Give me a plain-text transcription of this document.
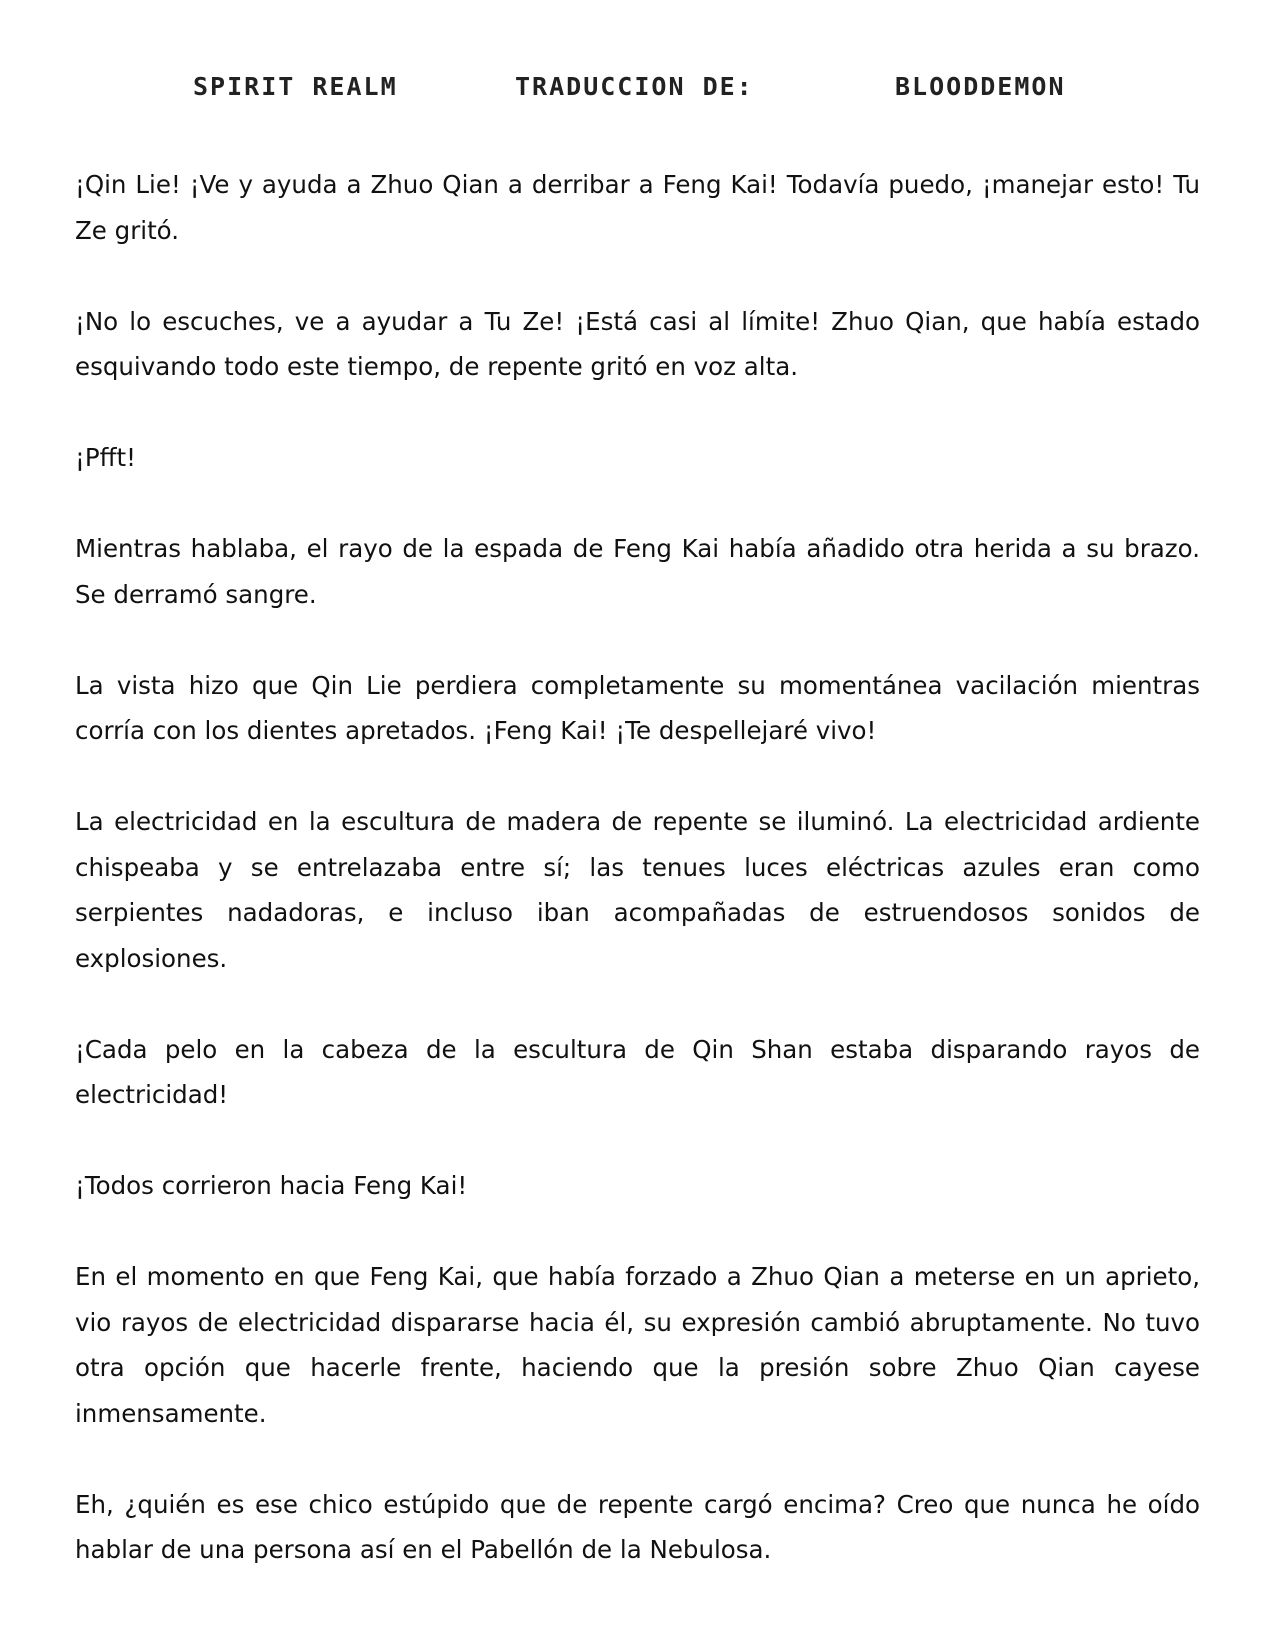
SPIRIT REALM	TRADUCCION DE:	BLOODDEMON

¡Qin Lie! ¡Ve y ayuda a Zhuo Qian a derribar a Feng Kai! Todavía puedo, ¡manejar esto! Tu Ze gritó.

¡No lo escuches, ve a ayudar a Tu Ze! ¡Está casi al límite! Zhuo Qian, que había estado esquivando todo este tiempo, de repente gritó en voz alta.

¡Pfft!

Mientras hablaba, el rayo de la espada de Feng Kai había añadido otra herida a su brazo. Se derramó sangre.

La vista hizo que Qin Lie perdiera completamente su momentánea vacilación mientras corría con los dientes apretados. ¡Feng Kai! ¡Te despellejaré vivo!

La electricidad en la escultura de madera de repente se iluminó. La electricidad ardiente chispeaba y se entrelazaba entre sí; las tenues luces eléctricas azules eran como serpientes nadadoras, e incluso iban acompañadas de estruendosos sonidos de explosiones.

¡Cada pelo en la cabeza de la escultura de Qin Shan estaba disparando rayos de electricidad!

¡Todos corrieron hacia Feng Kai!

En el momento en que Feng Kai, que había forzado a Zhuo Qian a meterse en un aprieto, vio rayos de electricidad dispararse hacia él, su expresión cambió abruptamente. No tuvo otra opción que hacerle frente, haciendo que la presión sobre Zhuo Qian cayese inmensamente.

Eh, ¿quién es ese chico estúpido que de repente cargó encima? Creo que nunca he oído hablar de una persona así en el Pabellón de la Nebulosa.
